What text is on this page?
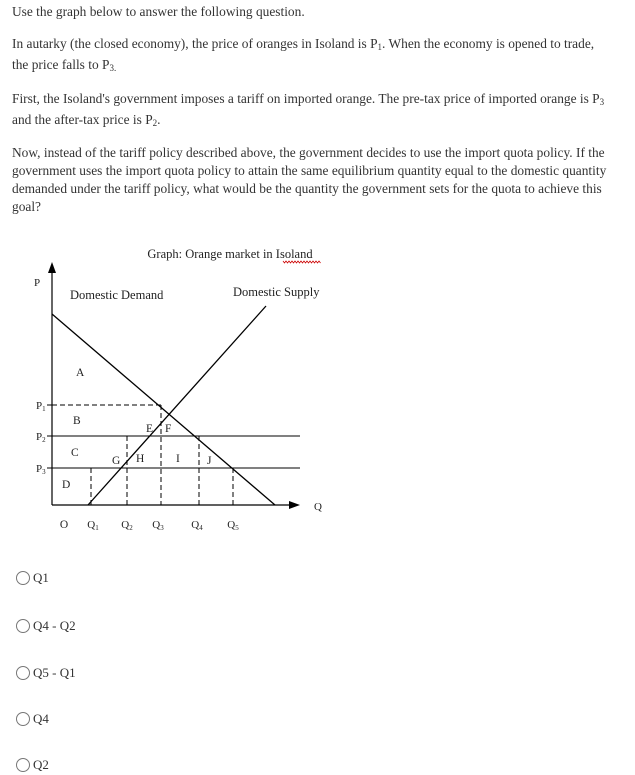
Use the graph below to answer the following question.

In autarky (the closed economy), the price of oranges in Isoland is $P_1$. When the economy is opened to trade, the price falls to $P_{3.}$

First, the Isoland's government imposes a tariff on imported orange. The pre-tax price of imported orange is $P_3$ and the after-tax price is $P_2$.

Now, instead of the tariff policy described above, the government decides to use the import quota policy. If the government uses the import quota policy to attain the same equilibrium quantity equal to the domestic quantity demanded under the tariff policy, what would be the quantity the government sets for the quota to achieve this goal?

Graph: Orange market in Isoland
P
Q
Domestic Demand	Domestic Supply
P1
P2
P3
O Q1 Q2 Q3	Q4 Q5
A
B
C
D
E F
G H	I J
Q1
Q4 - Q2
Q5 - Q1
Q4
Q2
